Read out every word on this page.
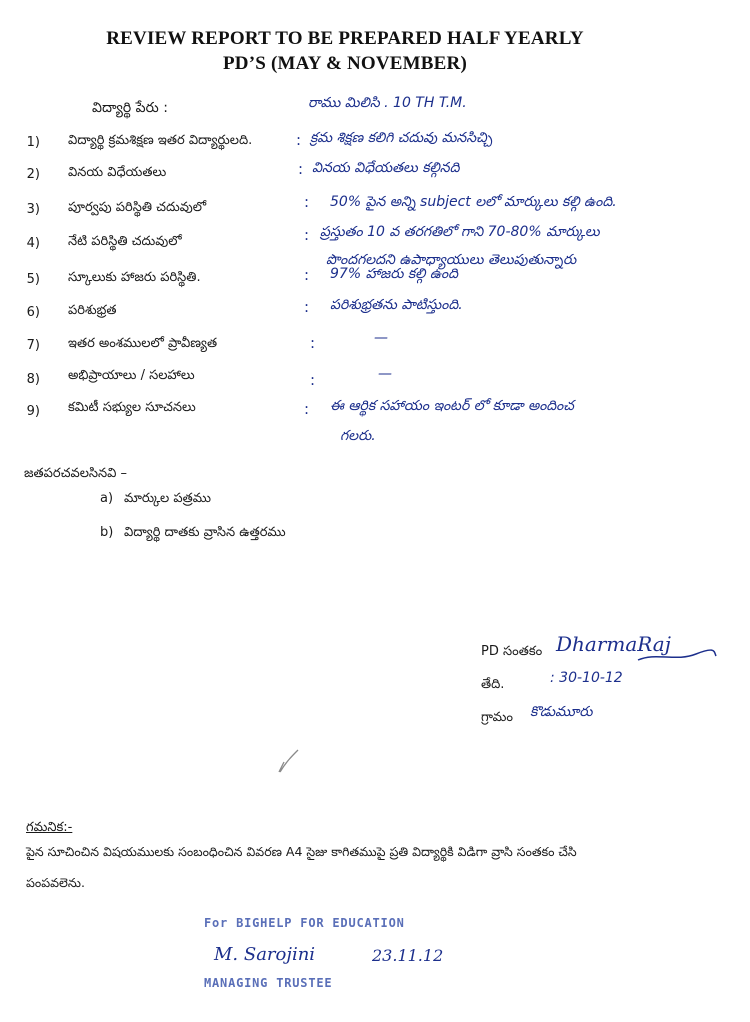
REVIEW REPORT TO BE PREPARED HALF YEARLY
PD’S (MAY & NOVEMBER)
విద్యార్థి పేరు :	రాము మిలిసి . 10 TH T.M.
1) విద్యార్థి క్రమశిక్షణ ఇతర విద్యార్థులది.	: క్రమ శిక్షణ కలిగి చదువు మనసిచ్చి
2) వినయ విధేయతలు	: వినయ విధేయతలు కల్గినది
3) పూర్వపు పరిస్థితి చదువులో	: 50% పైన అన్ని subject లలో మార్కులు కల్గి ఉంది.
4) నేటి పరిస్థితి చదువులో	: ప్రస్తుతం 10 వ తరగతిలో గాని 70-80% మార్కులు
పొందగలదని ఉపాధ్యాయులు తెలుపుతున్నారు
5) స్కూలుకు హాజరు పరిస్థితి.	: 97% హాజరు కల్గి ఉంది
6) పరిశుభ్రత	: పరిశుభ్రతను పాటిస్తుంది.
7) ఇతర అంశములలో ప్రావీణ్యత	:	—
8) అభిప్రాయాలు / సలహాలు	:	—
9) కమిటీ సభ్యుల సూచనలు	: ఈ ఆర్థిక సహాయం ఇంటర్ లో కూడా అందించ
గలరు.
జతపరచవలసినవి –
a) మార్కుల పత్రము
b) విద్యార్థి దాతకు వ్రాసిన ఉత్తరము
PD సంతకం DharmaRaj
తేది.	: 30-10-12
గ్రామం కొడుమూరు
గమనిక:-
పైన సూచించిన విషయములకు సంబంధించిన వివరణ A4 సైజు కాగితముపై ప్రతి విద్యార్థికి విడిగా వ్రాసి సంతకం చేసి
పంపవలెను.
For BIGHELP FOR EDUCATION
M. Sarojini	23.11.12
MANAGING TRUSTEE
